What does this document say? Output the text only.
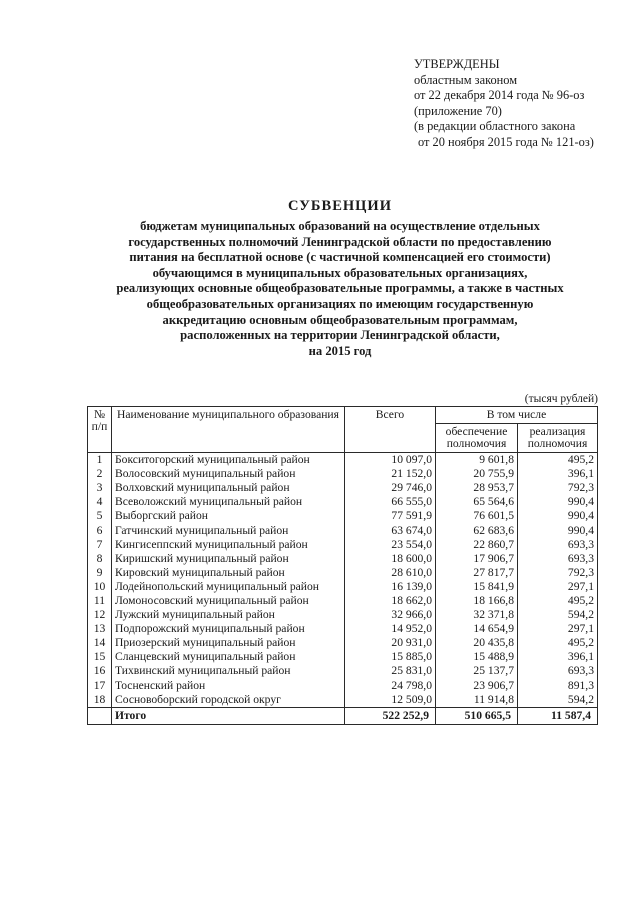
УТВЕРЖДЕНЫ
областным законом
от 22 декабря 2014 года № 96-оз
(приложение 70)
(в редакции областного закона
от 20 ноября 2015 года № 121-оз)
СУБВЕНЦИИ
бюджетам муниципальных образований на осуществление отдельных
государственных полномочий Ленинградской области по предоставлению
питания на бесплатной основе (с частичной компенсацией его стоимости)
обучающимся в муниципальных образовательных организациях,
реализующих основные общеобразовательные программы, а также в частных
общеобразовательных организациях по имеющим государственную
аккредитацию основным общеобразовательным программам,
расположенных на территории Ленинградской области,
на 2015 год
(тысяч рублей)
№ п/п	Наименование муниципального образования	Всего	В том числе	
			обеспечение полномочия	реализация полномочия
1	Бокситогорский муниципальный район	10 097,0	9 601,8	495,2
2	Волосовский муниципальный район	21 152,0	20 755,9	396,1
3	Волховский муниципальный район	29 746,0	28 953,7	792,3
4	Всеволожский муниципальный район	66 555,0	65 564,6	990,4
5	Выборгский район	77 591,9	76 601,5	990,4
6	Гатчинский муниципальный район	63 674,0	62 683,6	990,4
7	Кингисеппский муниципальный район	23 554,0	22 860,7	693,3
8	Киришский муниципальный район	18 600,0	17 906,7	693,3
9	Кировский муниципальный район	28 610,0	27 817,7	792,3
10	Лодейнопольский муниципальный район	16 139,0	15 841,9	297,1
11	Ломоносовский муниципальный район	18 662,0	18 166,8	495,2
12	Лужский муниципальный район	32 966,0	32 371,8	594,2
13	Подпорожский муниципальный район	14 952,0	14 654,9	297,1
14	Приозерский муниципальный район	20 931,0	20 435,8	495,2
15	Сланцевский муниципальный район	15 885,0	15 488,9	396,1
16	Тихвинский муниципальный район	25 831,0	25 137,7	693,3
17	Тосненский район	24 798,0	23 906,7	891,3
18	Сосновоборский городской округ	12 509,0	11 914,8	594,2
	Итого	522 252,9	510 665,5	11 587,4
